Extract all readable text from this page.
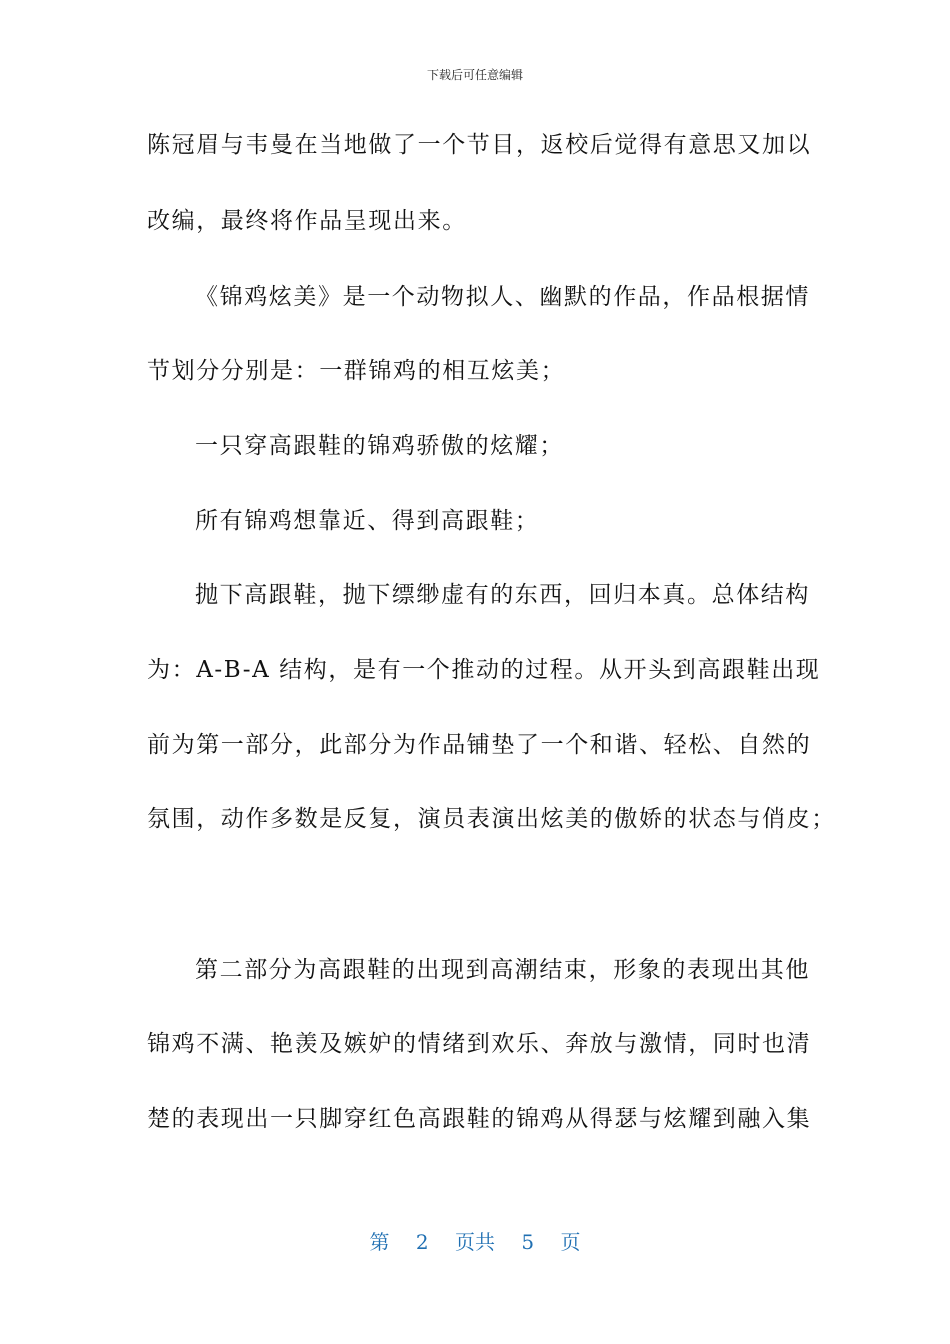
下载后可任意编辑
陈冠眉与韦曼在当地做了一个节目，返校后觉得有意思又加以
改编，最终将作品呈现出来。
《锦鸡炫美》是一个动物拟人、幽默的作品，作品根据情
节划分分别是：一群锦鸡的相互炫美；
一只穿高跟鞋的锦鸡骄傲的炫耀；
所有锦鸡想靠近、得到高跟鞋；
抛下高跟鞋，抛下缥缈虚有的东西，回归本真。总体结构
为：A-B-A 结构，是有一个推动的过程。从开头到高跟鞋出现
前为第一部分，此部分为作品铺垫了一个和谐、轻松、自然的
氛围，动作多数是反复，演员表演出炫美的傲娇的状态与俏皮；
第二部分为高跟鞋的出现到高潮结束，形象的表现出其他
锦鸡不满、艳羡及嫉妒的情绪到欢乐、奔放与激情，同时也清
楚的表现出一只脚穿红色高跟鞋的锦鸡从得瑟与炫耀到融入集
第 2 页共 5 页
